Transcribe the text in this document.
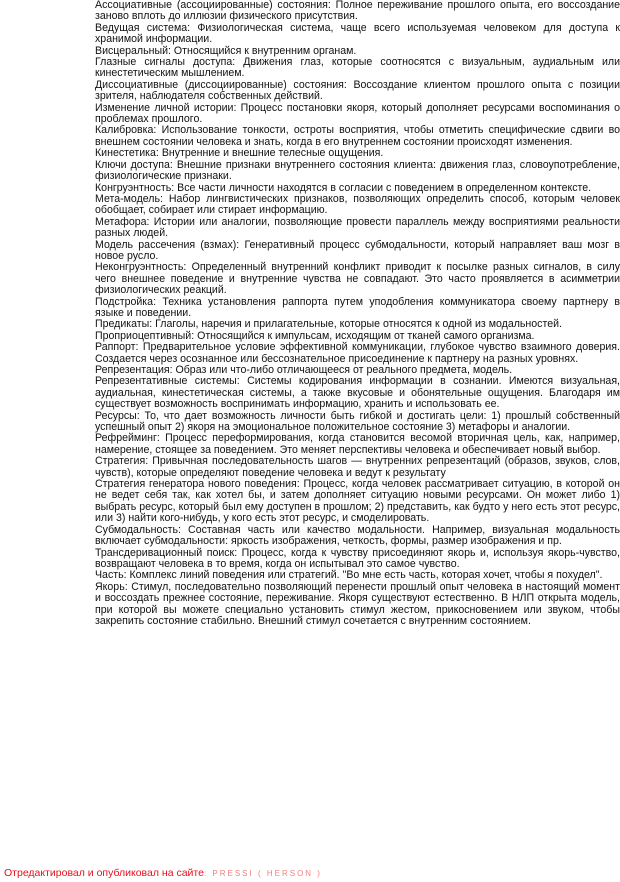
Ассоциативные (ассоциированные) состояния: Полное переживание прошлого опыта, его воссоздание заново вплоть до иллюзии физического присутствия.

Ведущая система: Физиологическая система, чаще всего используемая человеком для доступа к хранимой информации.

Висцеральный: Относящийся к внутренним органам.

Глазные сигналы доступа: Движения глаз, которые соотносятся с визуальным, аудиальным или кинестетическим мышлением.

Диссоциативные (диссоциированные) состояния: Воссоздание клиентом прошлого опыта с позиции зрителя, наблюдателя собственных действий.

Изменение личной истории: Процесс постановки якоря, который дополняет ресурсами воспоминания о проблемах прошлого.

Калибровка: Использование тонкости, остроты восприятия, чтобы отметить специфические сдвиги во внешнем состоянии человека и знать, когда в его внутреннем состоянии происходят изменения.

Кинестетика: Внутренние и внешние телесные ощущения.

Ключи доступа: Внешние признаки внутреннего состояния клиента: движения глаз, словоупотребление, физиологические признаки.

Конгруэнтность: Все части личности находятся в согласии с поведением в определенном контексте.

Мета-модель: Набор лингвистических признаков, позволяющих определить способ, которым человек обобщает, собирает или стирает информацию.

Метафора: Истории или аналогии, позволяющие провести параллель между восприятиями реальности разных людей.

Модель рассечения (взмах): Генеративный процесс субмодальности, который направляет ваш мозг в новое русло.

Неконгруэнтность: Определенный внутренний конфликт приводит к посылке разных сигналов, в силу чего внешнее поведение и внутренние чувства не совпадают. Это часто проявляется в асимметрии физиологических реакций.

Подстройка: Техника установления раппорта путем уподобления коммуникатора своему партнеру в языке и поведении.

Предикаты: Глаголы, наречия и прилагательные, которые относятся к одной из модальностей.

Проприоцептивный: Относящийся к импульсам, исходящим от тканей самого организма.

Раппорт: Предварительное условие эффективной коммуникации, глубокое чувство взаимного доверия. Создается через осознанное или бессознательное присоединение к партнеру на разных уровнях.

Репрезентация: Образ или что-либо отличающееся от реального предмета, модель.

Репрезентативные системы: Системы кодирования информации в сознании. Имеются визуальная, аудиальная, кинестетическая системы, а также вкусовые и обонятельные ощущения. Благодаря им существует возможность воспринимать информацию, хранить и использовать ее.

Ресурсы: То, что дает возможность личности быть гибкой и достигать цели: 1) прошлый собственный успешный опыт 2) якоря на эмоциональное положительное состояние 3) метафоры и аналогии.

Рефрейминг: Процесс переформирования, когда становится весомой вторичная цель, как, например, намерение, стоящее за поведением. Это меняет перспективы человека и обеспечивает новый выбор.

Стратегия: Привычная последовательность шагов — внутренних репрезентаций (образов, звуков, слов, чувств), которые определяют поведение человека и ведут к результату

Стратегия генератора нового поведения: Процесс, когда человек рассматривает ситуацию, в которой он не ведет себя так, как хотел бы, и затем дополняет ситуацию новыми ресурсами. Он может либо 1) выбрать ресурс, который был ему доступен в прошлом; 2) представить, как будто у него есть этот ресурс, или 3) найти кого-нибудь, у кого есть этот ресурс, и смоделировать.

Субмодальность: Составная часть или качество модальности. Например, визуальная модальность включает субмодальности: яркость изображения, четкость, формы, размер изображения и пр.

Трансдеривационный поиск: Процесс, когда к чувству присоединяют якорь и, используя якорь-чувство, возвращают человека в то время, когда он испытывал это самое чувство.

Часть: Комплекс линий поведения или стратегий. "Во мне есть часть, которая хочет, чтобы я похудел".

Якорь: Стимул, последовательно позволяющий перенести прошлый опыт человека в настоящий момент и воссоздать прежнее состояние, переживание. Якоря существуют естественно. В НЛП открыта модель, при которой вы можете специально установить стимул жестом, прикосновением или звуком, чтобы закрепить состояние стабильно. Внешний стимул сочетается с внутренним состоянием.

Отредактировал и опубликовал на сайте: PRESSI ( HERSON )
